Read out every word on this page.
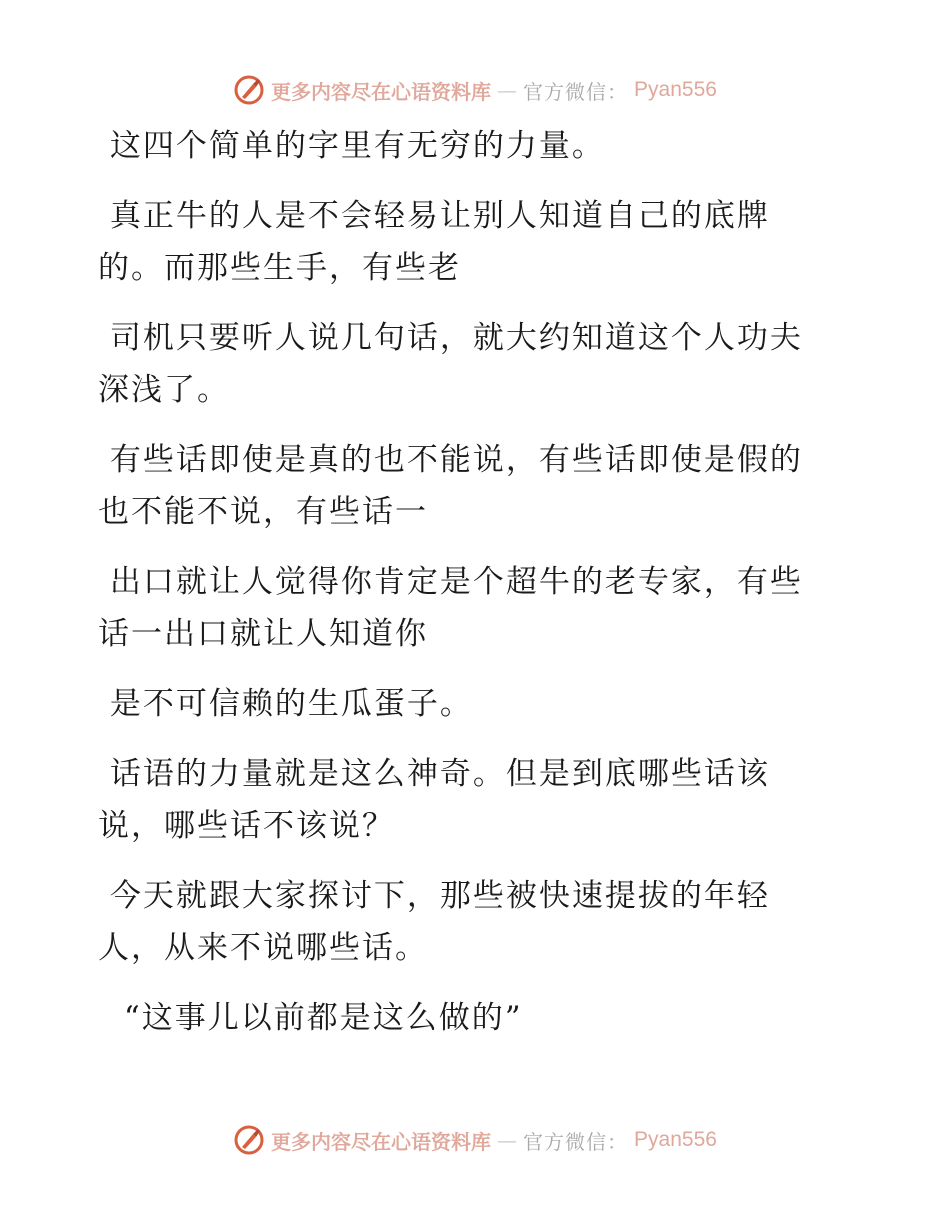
更多内容尽在心语资料库 — 官方微信： Pyan556

这四个简单的字里有无穷的力量。

真正牛的人是不会轻易让别人知道自己的底牌
的。而那些生手，有些老

司机只要听人说几句话，就大约知道这个人功夫
深浅了。

有些话即使是真的也不能说，有些话即使是假的
也不能不说，有些话一

出口就让人觉得你肯定是个超牛的老专家，有些
话一出口就让人知道你

是不可信赖的生瓜蛋子。

话语的力量就是这么神奇。但是到底哪些话该
说，哪些话不该说？

今天就跟大家探讨下，那些被快速提拔的年轻
人，从来不说哪些话。

“这事儿以前都是这么做的”

更多内容尽在心语资料库 — 官方微信： Pyan556
